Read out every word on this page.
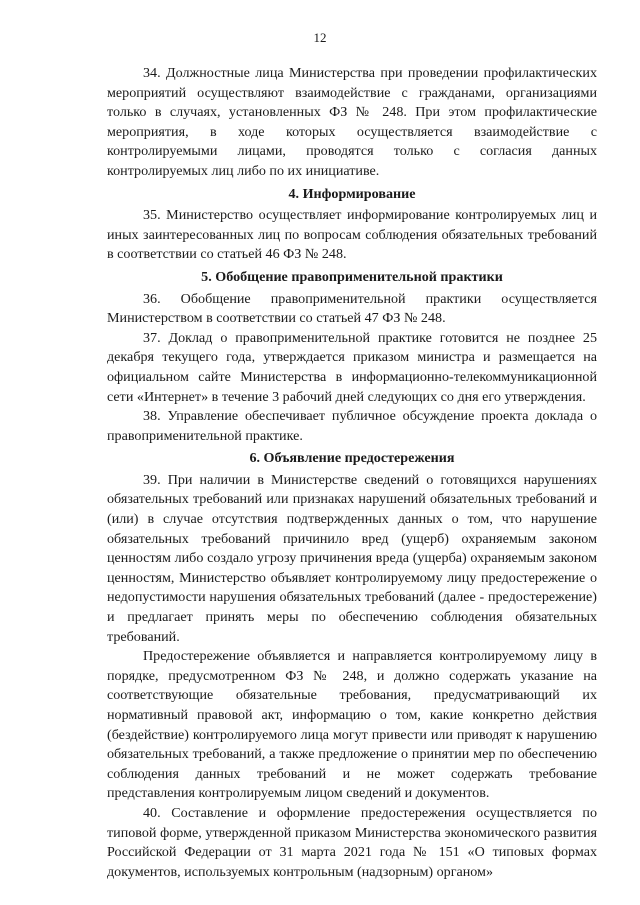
12

34. Должностные лица Министерства при проведении профилактических мероприятий осуществляют взаимодействие с гражданами, организациями только в случаях, установленных ФЗ № 248. При этом профилактические мероприятия, в ходе которых осуществляется взаимодействие с контролируемыми лицами, проводятся только с согласия данных контролируемых лиц либо по их инициативе.

4. Информирование

35. Министерство осуществляет информирование контролируемых лиц и иных заинтересованных лиц по вопросам соблюдения обязательных требований в соответствии со статьей 46 ФЗ № 248.

5. Обобщение правоприменительной практики

36. Обобщение правоприменительной практики осуществляется Министерством в соответствии со статьей 47 ФЗ № 248.

37. Доклад о правоприменительной практике готовится не позднее 25 декабря текущего года, утверждается приказом министра и размещается на официальном сайте Министерства в информационно-телекоммуникационной сети «Интернет» в течение 3 рабочий дней следующих со дня его утверждения.

38. Управление обеспечивает публичное обсуждение проекта доклада о правоприменительной практике.

6. Объявление предостережения

39. При наличии в Министерстве сведений о готовящихся нарушениях обязательных требований или признаках нарушений обязательных требований и (или) в случае отсутствия подтвержденных данных о том, что нарушение обязательных требований причинило вред (ущерб) охраняемым законом ценностям либо создало угрозу причинения вреда (ущерба) охраняемым законом ценностям, Министерство объявляет контролируемому лицу предостережение о недопустимости нарушения обязательных требований (далее - предостережение) и предлагает принять меры по обеспечению соблюдения обязательных требований.

Предостережение объявляется и направляется контролируемому лицу в порядке, предусмотренном ФЗ № 248, и должно содержать указание на соответствующие обязательные требования, предусматривающий их нормативный правовой акт, информацию о том, какие конкретно действия (бездействие) контролируемого лица могут привести или приводят к нарушению обязательных требований, а также предложение о принятии мер по обеспечению соблюдения данных требований и не может содержать требование представления контролируемым лицом сведений и документов.

40. Составление и оформление предостережения осуществляется по типовой форме, утвержденной приказом Министерства экономического развития Российской Федерации от 31 марта 2021 года № 151 «О типовых формах документов, используемых контрольным (надзорным) органом»
